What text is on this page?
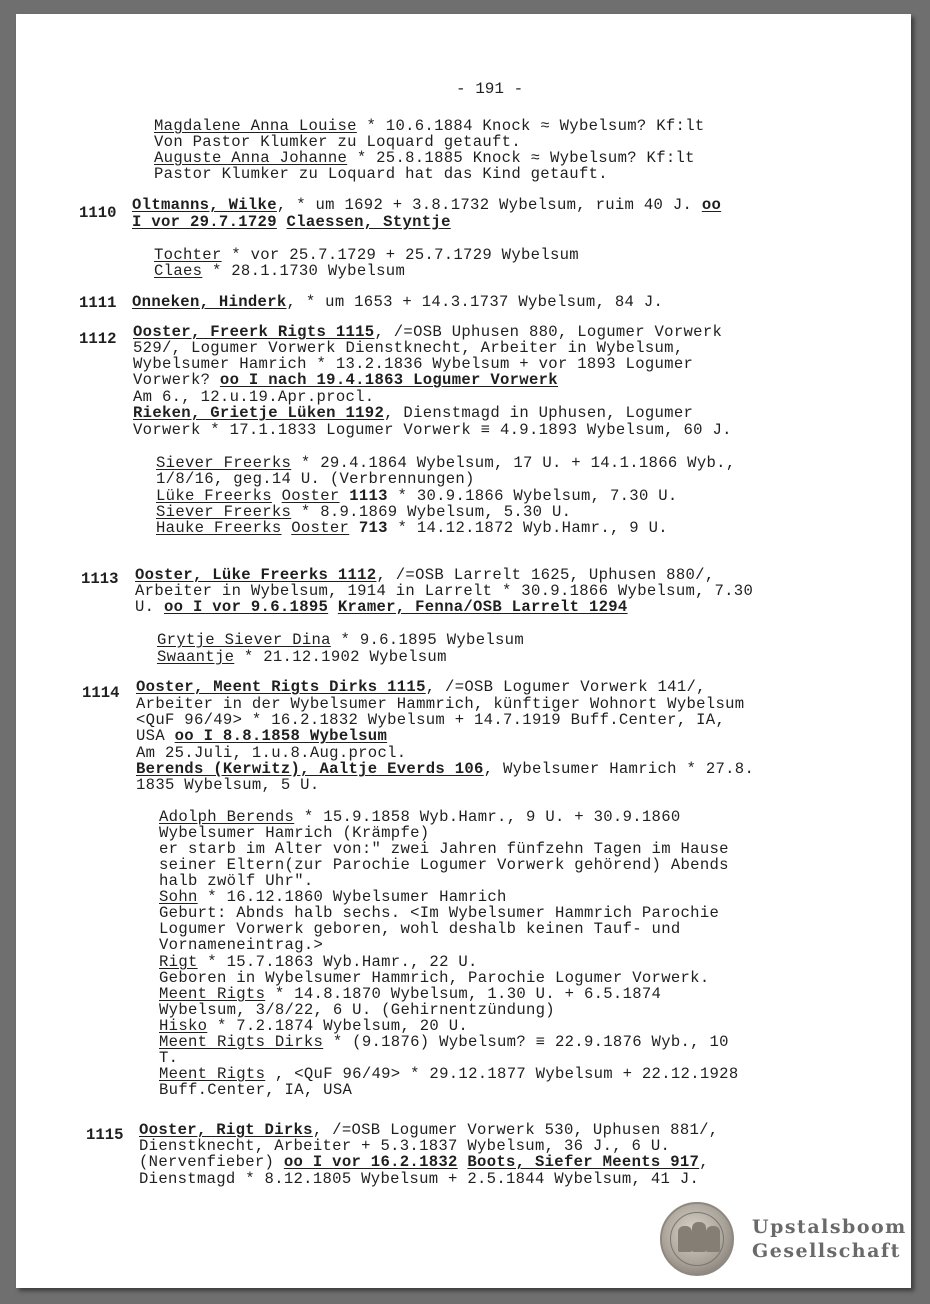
- 191 -
Magdalene Anna Louise * 10.6.1884 Knock ≈ Wybelsum? Kf:lt
Von Pastor Klumker zu Loquard getauft.
Auguste Anna Johanne * 25.8.1885 Knock ≈ Wybelsum? Kf:lt
Pastor Klumker zu Loquard hat das Kind getauft.
1110 Oltmanns, Wilke, * um 1692 + 3.8.1732 Wybelsum, ruim 40 J. oo
I vor 29.7.1729 Claessen, Styntje
Tochter * vor 25.7.1729 + 25.7.1729 Wybelsum
Claes * 28.1.1730 Wybelsum
1111 Onneken, Hinderk, * um 1653 + 14.3.1737 Wybelsum, 84 J.
1112 Ooster, Freerk Rigts 1115, /=OSB Uphusen 880, Logumer Vorwerk
529/, Logumer Vorwerk Dienstknecht, Arbeiter in Wybelsum,
Wybelsumer Hamrich * 13.2.1836 Wybelsum + vor 1893 Logumer
Vorwerk? oo I nach 19.4.1863 Logumer Vorwerk
Am 6., 12.u.19.Apr.procl.
Rieken, Grietje Lüken 1192, Dienstmagd in Uphusen, Logumer
Vorwerk * 17.1.1833 Logumer Vorwerk ≡ 4.9.1893 Wybelsum, 60 J.
Siever Freerks * 29.4.1864 Wybelsum, 17 U. + 14.1.1866 Wyb.,
1/8/16, geg.14 U. (Verbrennungen)
Lüke Freerks Ooster 1113 * 30.9.1866 Wybelsum, 7.30 U.
Siever Freerks * 8.9.1869 Wybelsum, 5.30 U.
Hauke Freerks Ooster 713 * 14.12.1872 Wyb.Hamr., 9 U.
1113 Ooster, Lüke Freerks 1112, /=OSB Larrelt 1625, Uphusen 880/,
Arbeiter in Wybelsum, 1914 in Larrelt * 30.9.1866 Wybelsum, 7.30
U. oo I vor 9.6.1895 Kramer, Fenna/OSB Larrelt 1294
Grytje Siever Dina * 9.6.1895 Wybelsum
Swaantje * 21.12.1902 Wybelsum
1114 Ooster, Meent Rigts Dirks 1115, /=OSB Logumer Vorwerk 141/,
Arbeiter in der Wybelsumer Hammrich, künftiger Wohnort Wybelsum
<QuF 96/49> * 16.2.1832 Wybelsum + 14.7.1919 Buff.Center, IA,
USA oo I 8.8.1858 Wybelsum
Am 25.Juli, 1.u.8.Aug.procl.
Berends (Kerwitz), Aaltje Everds 106, Wybelsumer Hamrich * 27.8.
1835 Wybelsum, 5 U.
Adolph Berends * 15.9.1858 Wyb.Hamr., 9 U. + 30.9.1860
Wybelsumer Hamrich (Krämpfe)
er starb im Alter von:" zwei Jahren fünfzehn Tagen im Hause
seiner Eltern(zur Parochie Logumer Vorwerk gehörend) Abends
halb zwölf Uhr".
Sohn * 16.12.1860 Wybelsumer Hamrich
Geburt: Abnds halb sechs. <Im Wybelsumer Hammrich Parochie
Logumer Vorwerk geboren, wohl deshalb keinen Tauf- und
Vornameneintrag.>
Rigt * 15.7.1863 Wyb.Hamr., 22 U.
Geboren in Wybelsumer Hammrich, Parochie Logumer Vorwerk.
Meent Rigts * 14.8.1870 Wybelsum, 1.30 U. + 6.5.1874
Wybelsum, 3/8/22, 6 U. (Gehirnentzündung)
Hisko * 7.2.1874 Wybelsum, 20 U.
Meent Rigts Dirks * (9.1876) Wybelsum? ≡ 22.9.1876 Wyb., 10
T.
Meent Rigts , <QuF 96/49> * 29.12.1877 Wybelsum + 22.12.1928
Buff.Center, IA, USA
1115 Ooster, Rigt Dirks, /=OSB Logumer Vorwerk 530, Uphusen 881/,
Dienstknecht, Arbeiter + 5.3.1837 Wybelsum, 36 J., 6 U.
(Nervenfieber) oo I vor 16.2.1832 Boots, Siefer Meents 917,
Dienstmagd * 8.12.1805 Wybelsum + 2.5.1844 Wybelsum, 41 J.
Upstalsboom
Gesellschaft
